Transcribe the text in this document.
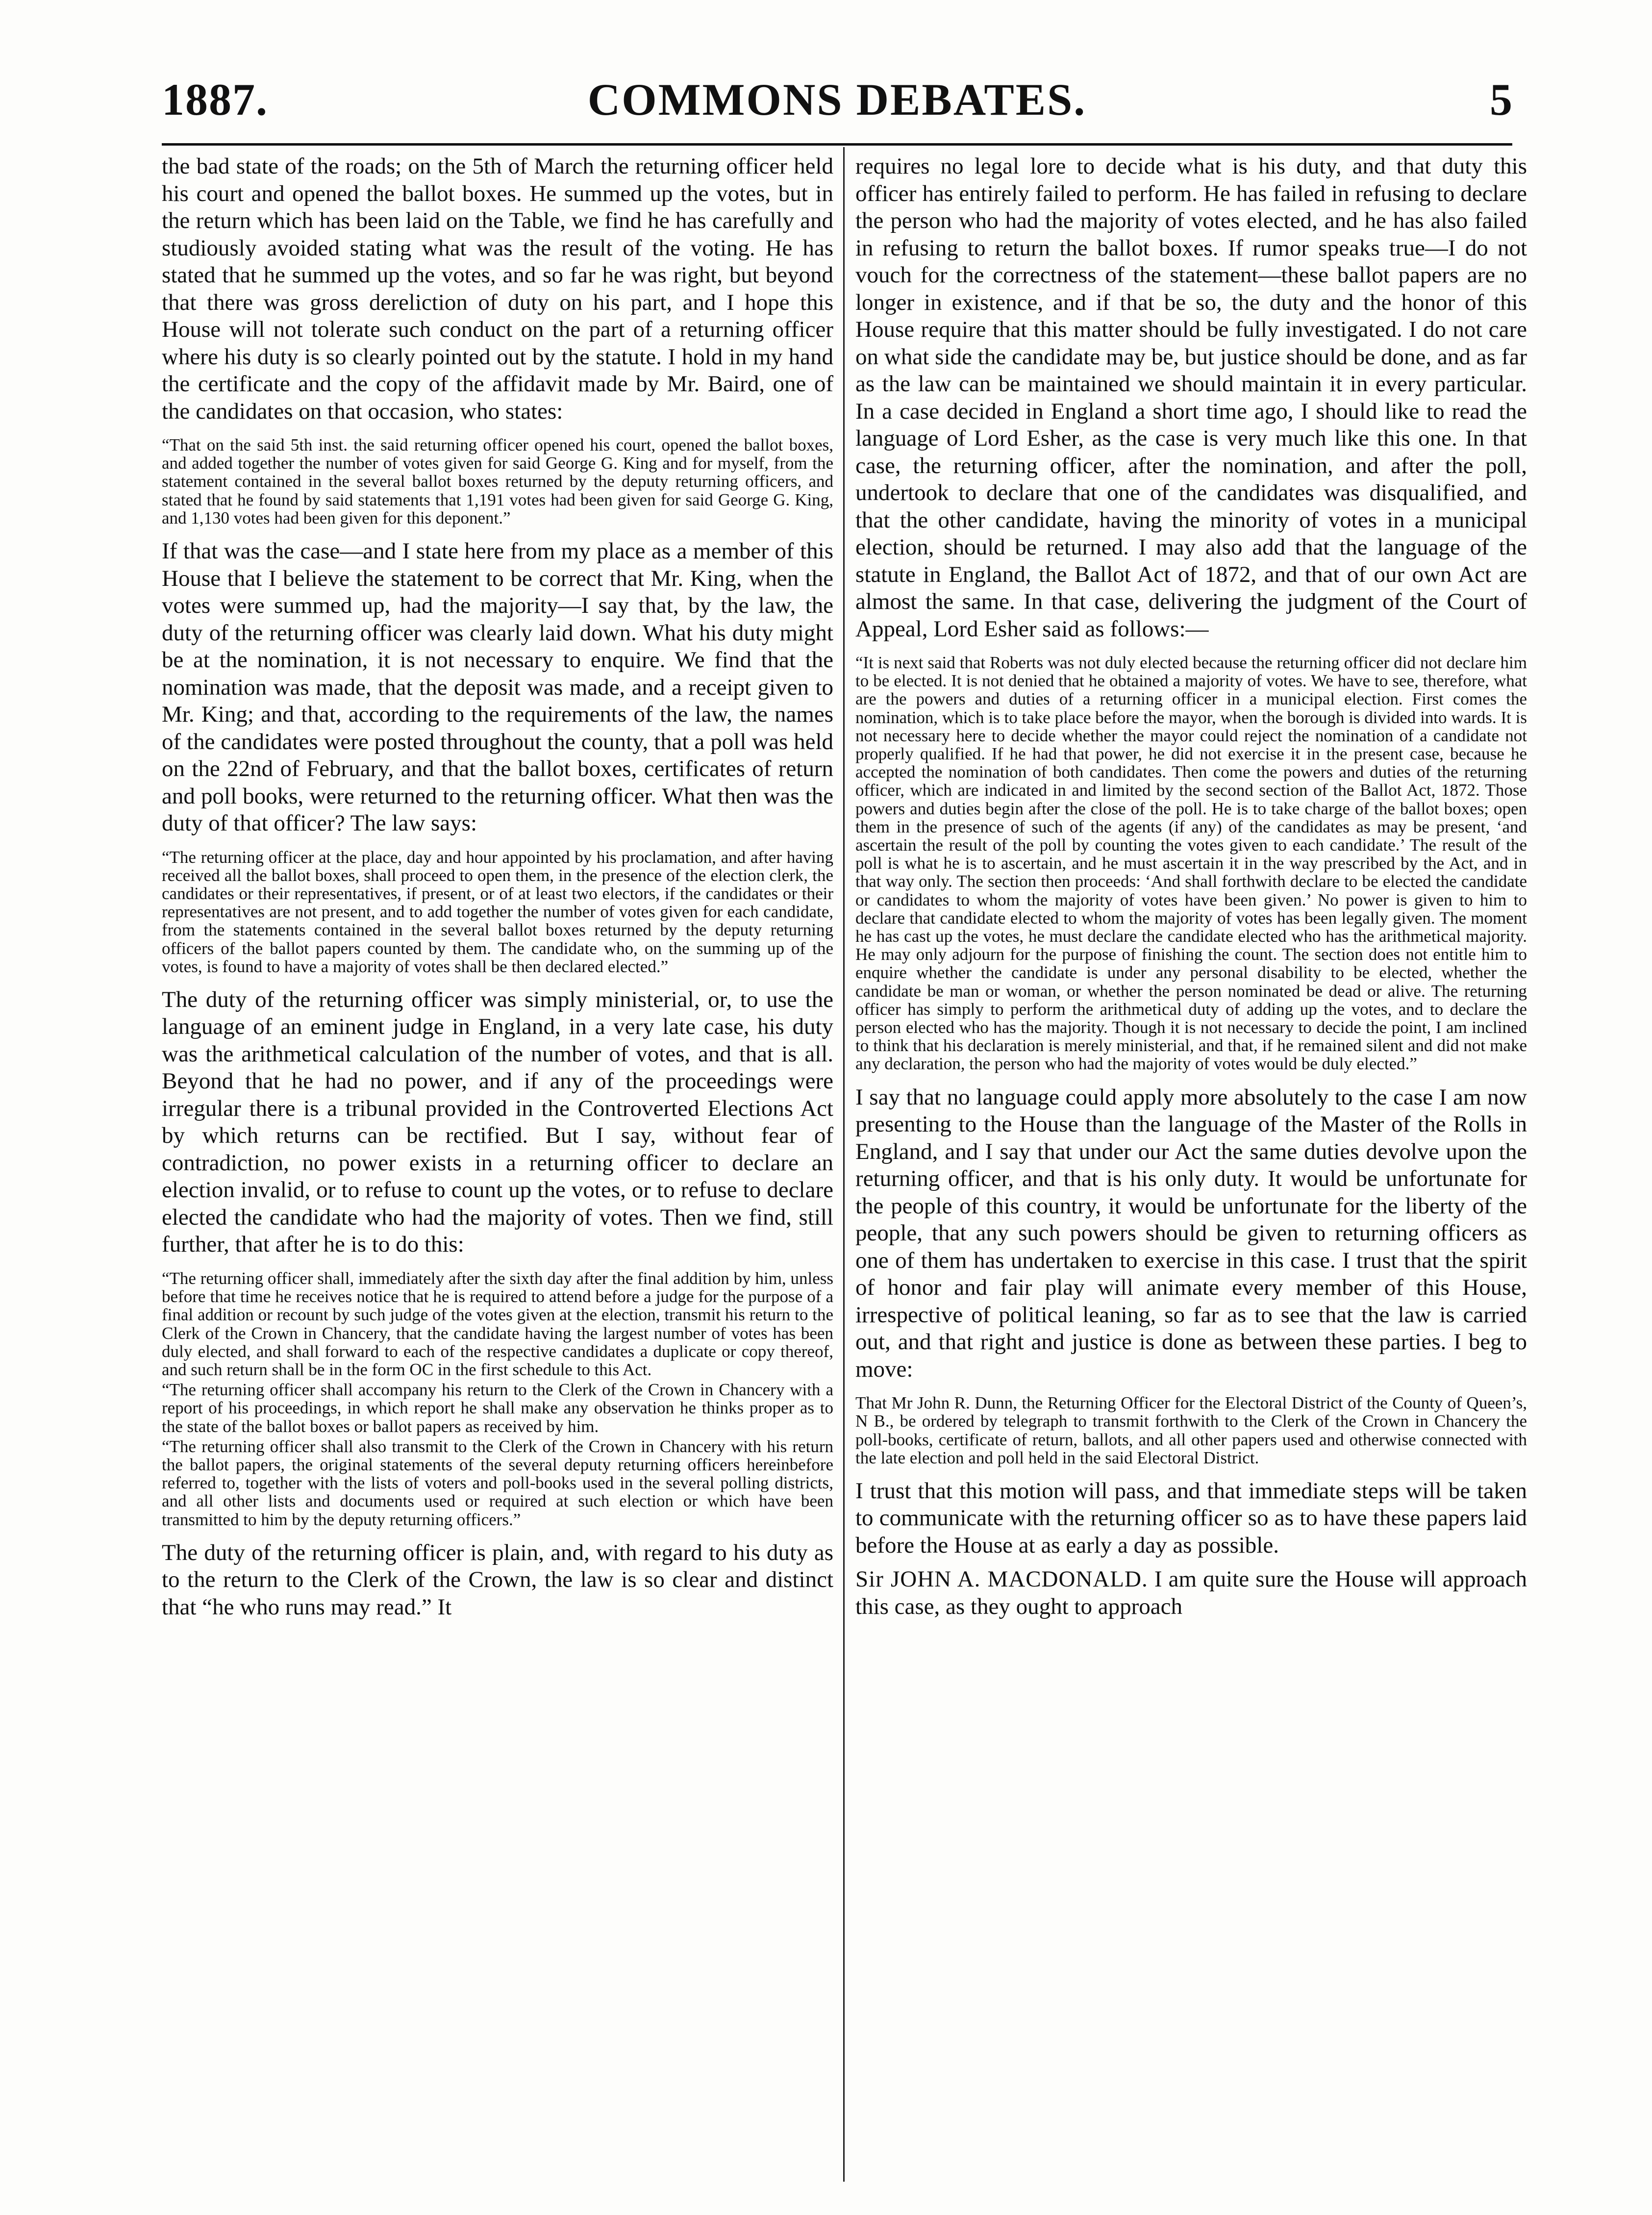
COMMONS DEBATES.
1887.	5

the bad state of the roads; on the 5th of March the returning officer held his court and opened the ballot boxes. He summed up the votes, but in the return which has been laid on the Table, we find he has carefully and studiously avoided stating what was the result of the voting. He has stated that he summed up the votes, and so far he was right, but beyond that there was gross dereliction of duty on his part, and I hope this House will not tolerate such conduct on the part of a returning officer where his duty is so clearly pointed out by the statute. I hold in my hand the certificate and the copy of the affidavit made by Mr. Baird, one of the candidates on that occasion, who states:

“That on the said 5th inst. the said returning officer opened his court, opened the ballot boxes, and added together the number of votes given for said George G. King and for myself, from the statement contained in the several ballot boxes returned by the deputy returning officers, and stated that he found by said statements that 1,191 votes had been given for said George G. King, and 1,130 votes had been given for this deponent.”

If that was the case—and I state here from my place as a member of this House that I believe the statement to be correct that Mr. King, when the votes were summed up, had the majority—I say that, by the law, the duty of the returning officer was clearly laid down. What his duty might be at the nomination, it is not necessary to enquire. We find that the nomination was made, that the deposit was made, and a receipt given to Mr. King; and that, according to the requirements of the law, the names of the candidates were posted throughout the county, that a poll was held on the 22nd of February, and that the ballot boxes, certificates of return and poll books, were returned to the returning officer. What then was the duty of that officer? The law says:

“The returning officer at the place, day and hour appointed by his proclamation, and after having received all the ballot boxes, shall proceed to open them, in the presence of the election clerk, the candidates or their representatives, if present, or of at least two electors, if the candidates or their representatives are not present, and to add together the number of votes given for each candidate, from the statements contained in the several ballot boxes returned by the deputy returning officers of the ballot papers counted by them. The candidate who, on the summing up of the votes, is found to have a majority of votes shall be then declared elected.”

The duty of the returning officer was simply ministerial, or, to use the language of an eminent judge in England, in a very late case, his duty was the arithmetical calculation of the number of votes, and that is all. Beyond that he had no power, and if any of the proceedings were irregular there is a tribunal provided in the Controverted Elections Act by which returns can be rectified. But I say, without fear of contradiction, no power exists in a returning officer to declare an election invalid, or to refuse to count up the votes, or to refuse to declare elected the candidate who had the majority of votes. Then we find, still further, that after he is to do this:

“The returning officer shall, immediately after the sixth day after the final addition by him, unless before that time he receives notice that he is required to attend before a judge for the purpose of a final addition or recount by such judge of the votes given at the election, transmit his return to the Clerk of the Crown in Chancery, that the candidate having the largest number of votes has been duly elected, and shall forward to each of the respective candidates a duplicate or copy thereof, and such return shall be in the form OC in the first schedule to this Act.

“The returning officer shall accompany his return to the Clerk of the Crown in Chancery with a report of his proceedings, in which report he shall make any observation he thinks proper as to the state of the ballot boxes or ballot papers as received by him.

“The returning officer shall also transmit to the Clerk of the Crown in Chancery with his return the ballot papers, the original statements of the several deputy returning officers hereinbefore referred to, together with the lists of voters and poll-books used in the several polling districts, and all other lists and documents used or required at such election or which have been transmitted to him by the deputy returning officers.”

The duty of the returning officer is plain, and, with regard to his duty as to the return to the Clerk of the Crown, the law is so clear and distinct that “he who runs may read.” It

requires no legal lore to decide what is his duty, and that duty this officer has entirely failed to perform. He has failed in refusing to declare the person who had the majority of votes elected, and he has also failed in refusing to return the ballot boxes. If rumor speaks true—I do not vouch for the correctness of the statement—these ballot papers are no longer in existence, and if that be so, the duty and the honor of this House require that this matter should be fully investigated. I do not care on what side the candidate may be, but justice should be done, and as far as the law can be maintained we should maintain it in every particular. In a case decided in England a short time ago, I should like to read the language of Lord Esher, as the case is very much like this one. In that case, the returning officer, after the nomination, and after the poll, undertook to declare that one of the candidates was disqualified, and that the other candidate, having the minority of votes in a municipal election, should be returned. I may also add that the language of the statute in England, the Ballot Act of 1872, and that of our own Act are almost the same. In that case, delivering the judgment of the Court of Appeal, Lord Esher said as follows:—

“It is next said that Roberts was not duly elected because the returning officer did not declare him to be elected. It is not denied that he obtained a majority of votes. We have to see, therefore, what are the powers and duties of a returning officer in a municipal election. First comes the nomination, which is to take place before the mayor, when the borough is divided into wards. It is not necessary here to decide whether the mayor could reject the nomination of a candidate not properly qualified. If he had that power, he did not exercise it in the present case, because he accepted the nomination of both candidates. Then come the powers and duties of the returning officer, which are indicated in and limited by the second section of the Ballot Act, 1872. Those powers and duties begin after the close of the poll. He is to take charge of the ballot boxes; open them in the presence of such of the agents (if any) of the candidates as may be present, ‘and ascertain the result of the poll by counting the votes given to each candidate.’ The result of the poll is what he is to ascertain, and he must ascertain it in the way prescribed by the Act, and in that way only. The section then proceeds: ‘And shall forthwith declare to be elected the candidate or candidates to whom the majority of votes have been given.’ No power is given to him to declare that candidate elected to whom the majority of votes has been legally given. The moment he has cast up the votes, he must declare the candidate elected who has the arithmetical majority. He may only adjourn for the purpose of finishing the count. The section does not entitle him to enquire whether the candidate is under any personal disability to be elected, whether the candidate be man or woman, or whether the person nominated be dead or alive. The returning officer has simply to perform the arithmetical duty of adding up the votes, and to declare the person elected who has the majority. Though it is not necessary to decide the point, I am inclined to think that his declaration is merely ministerial, and that, if he remained silent and did not make any declaration, the person who had the majority of votes would be duly elected.”

I say that no language could apply more absolutely to the case I am now presenting to the House than the language of the Master of the Rolls in England, and I say that under our Act the same duties devolve upon the returning officer, and that is his only duty. It would be unfortunate for the people of this country, it would be unfortunate for the liberty of the people, that any such powers should be given to returning officers as one of them has undertaken to exercise in this case. I trust that the spirit of honor and fair play will animate every member of this House, irrespective of political leaning, so far as to see that the law is carried out, and that right and justice is done as between these parties. I beg to move:

That Mr John R. Dunn, the Returning Officer for the Electoral District of the County of Queen’s, N B., be ordered by telegraph to transmit forthwith to the Clerk of the Crown in Chancery the poll-books, certificate of return, ballots, and all other papers used and otherwise connected with the late election and poll held in the said Electoral District.

I trust that this motion will pass, and that immediate steps will be taken to communicate with the returning officer so as to have these papers laid before the House at as early a day as possible.

Sir JOHN A. MACDONALD. I am quite sure the House will approach this case, as they ought to approach
